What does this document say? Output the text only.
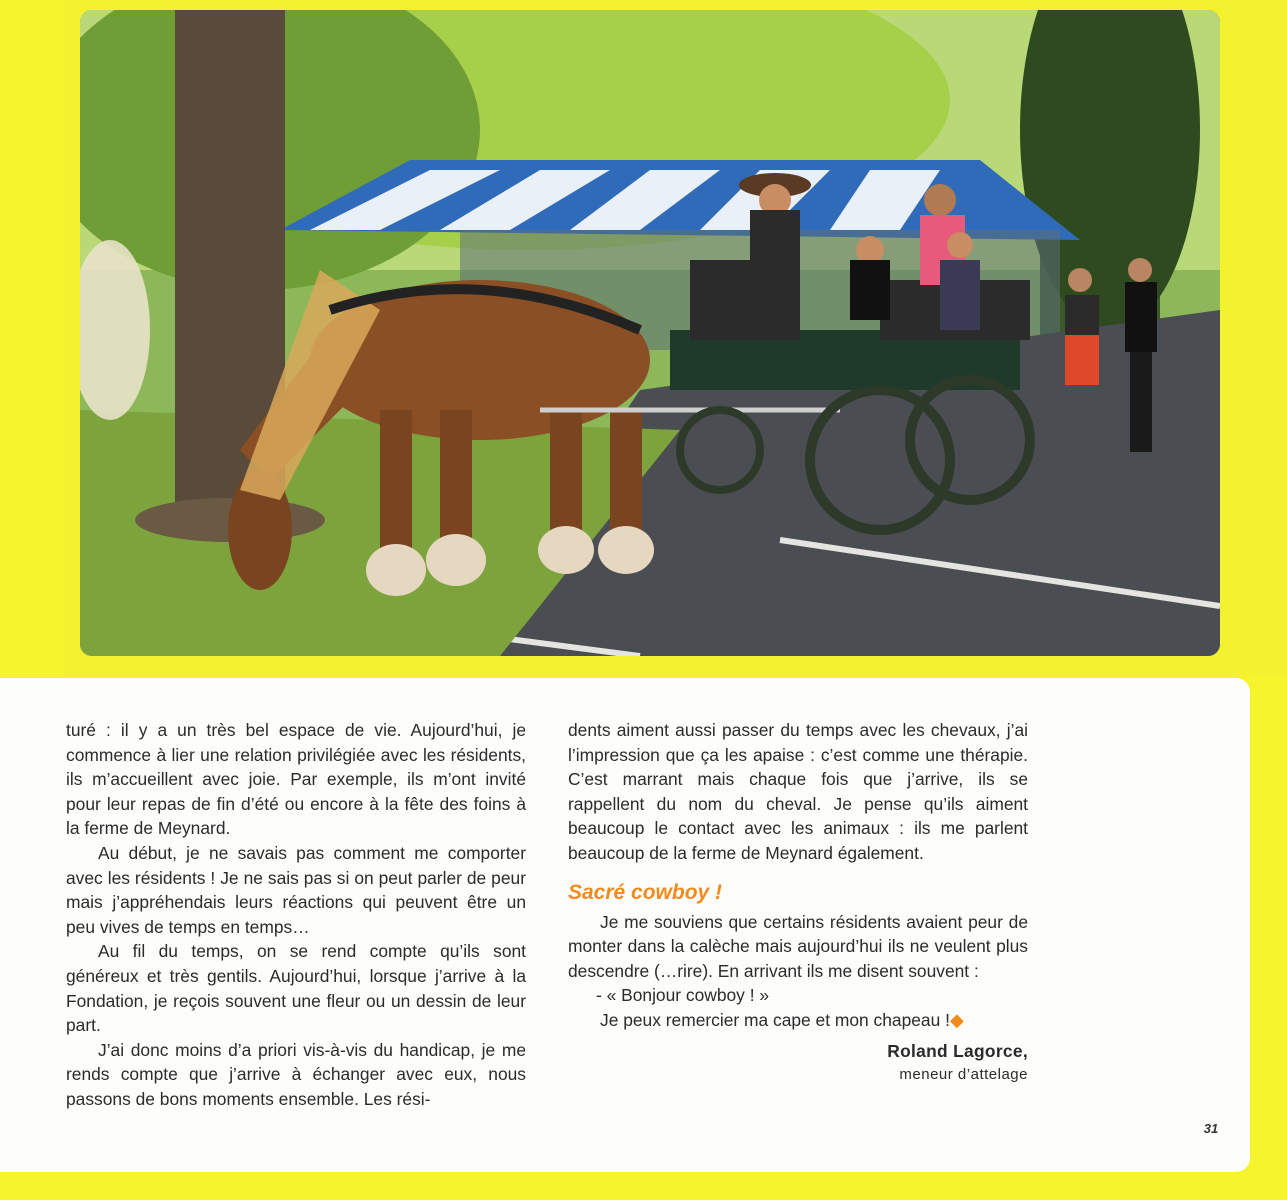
turé : il y a un très bel espace de vie. Aujourd’hui, je commence à lier une relation privilégiée avec les résidents, ils m’accueillent avec joie. Par exemple, ils m’ont invité pour leur repas de fin d’été ou encore à la fête des foins à la ferme de Meynard.

Au début, je ne savais pas comment me comporter avec les résidents ! Je ne sais pas si on peut parler de peur mais j’appréhendais leurs réactions qui peuvent être un peu vives de temps en temps…

Au fil du temps, on se rend compte qu’ils sont généreux et très gentils. Aujourd’hui, lorsque j’arrive à la Fondation, je reçois souvent une fleur ou un dessin de leur part.

J’ai donc moins d’a priori vis-à-vis du handicap, je me rends compte que j’arrive à échanger avec eux, nous passons de bons moments ensemble. Les rési-

dents aiment aussi passer du temps avec les chevaux, j’ai l’impression que ça les apaise : c’est comme une thérapie. C’est marrant mais chaque fois que j’arrive, ils se rappellent du nom du cheval. Je pense qu’ils aiment beaucoup le contact avec les animaux : ils me parlent beaucoup de la ferme de Meynard également.

Sacré cowboy !

Je me souviens que certains résidents avaient peur de monter dans la calèche mais aujourd’hui ils ne veulent plus descendre (…rire). En arrivant ils me disent souvent :

- « Bonjour cowboy ! »

Je peux remercier ma cape et mon chapeau !◆

Roland Lagorce,
meneur d’attelage
31
